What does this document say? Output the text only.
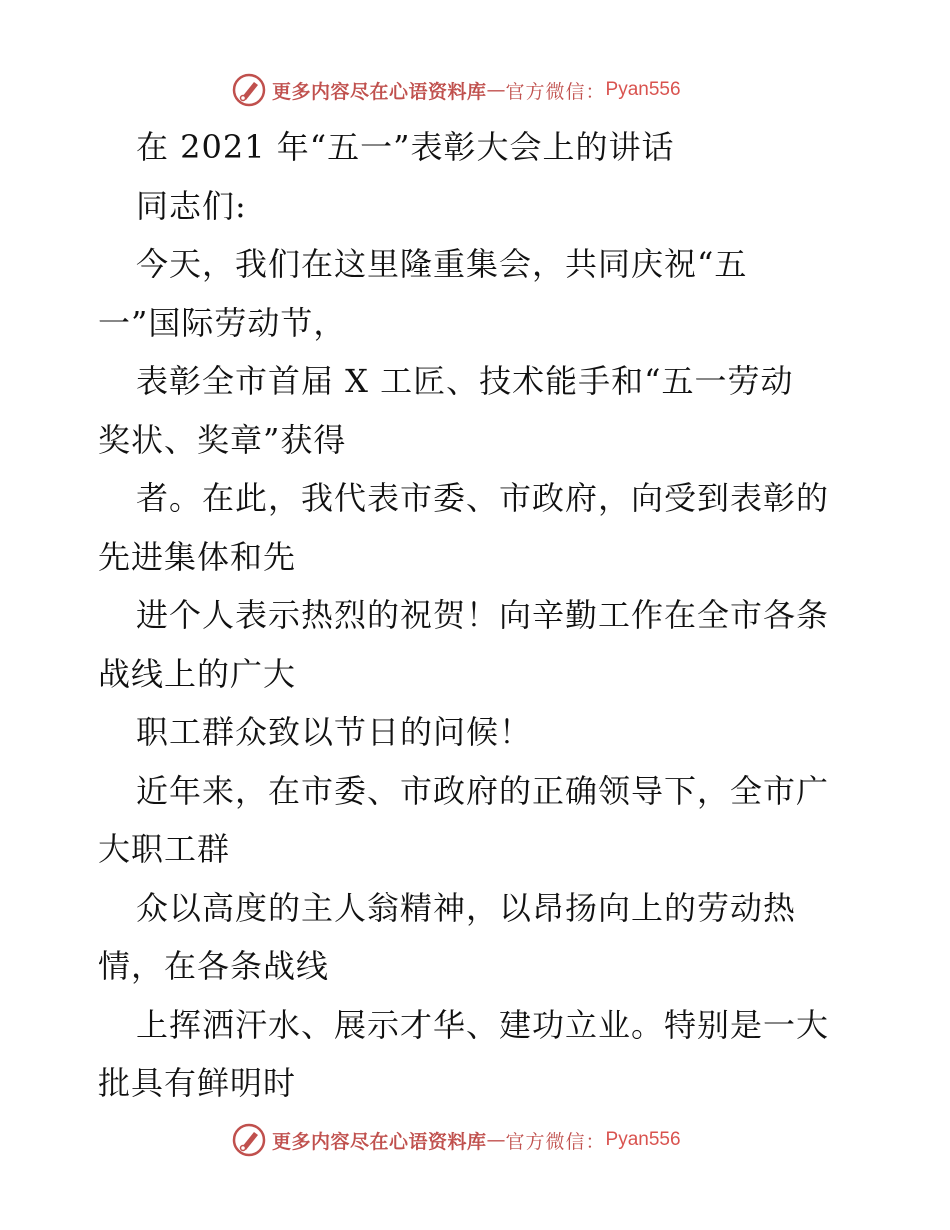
更多内容尽在心语资料库 — 官方微信： Pyan556
在 2021 年“五一”表彰大会上的讲话
同志们:
今天，我们在这里隆重集会，共同庆祝“五
一”国际劳动节，
表彰全市首届 X 工匠、技术能手和“五一劳动
奖状、奖章”获得
者。在此，我代表市委、市政府，向受到表彰的
先进集体和先
进个人表示热烈的祝贺！向辛勤工作在全市各条
战线上的广大
职工群众致以节日的问候！
近年来，在市委、市政府的正确领导下，全市广
大职工群
众以高度的主人翁精神，以昂扬向上的劳动热
情，在各条战线
上挥洒汗水、展示才华、建功立业。特别是一大
批具有鲜明时
更多内容尽在心语资料库 — 官方微信： Pyan556
